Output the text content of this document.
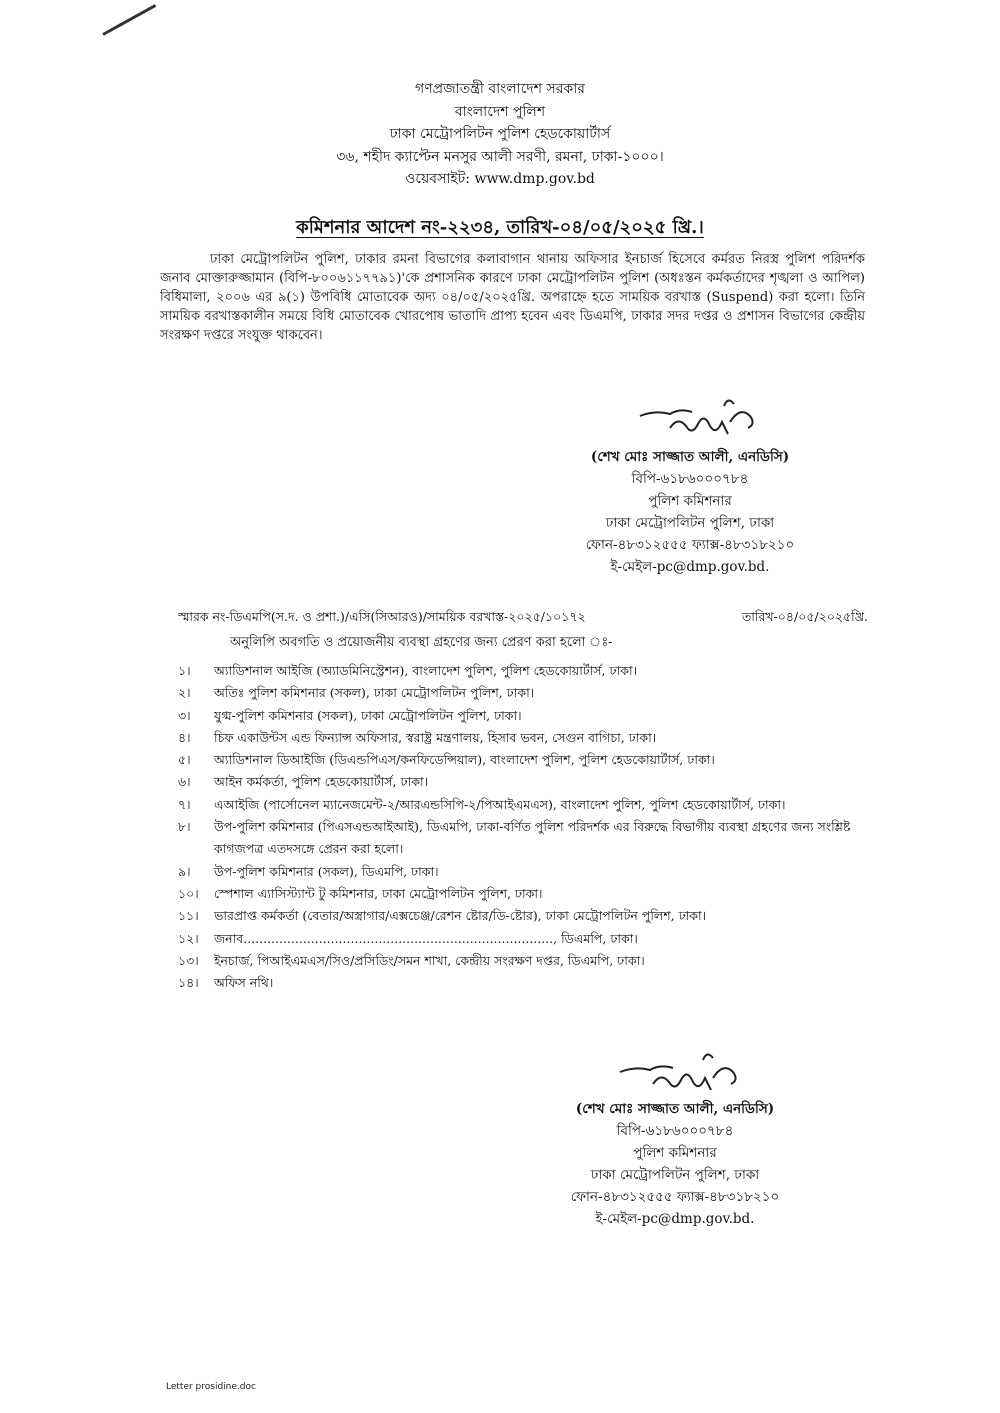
গণপ্রজাতন্ত্রী বাংলাদেশ সরকার
বাংলাদেশ পুলিশ
ঢাকা মেট্রোপলিটন পুলিশ হেডকোয়ার্টার্স
৩৬, শহীদ ক্যাপ্টেন মনসুর আলী সরণী, রমনা, ঢাকা-১০০০।
ওয়েবসাইট: www.dmp.gov.bd
কমিশনার আদেশ নং-২২৩৪, তারিখ-০৪/০৫/২০২৫ খ্রি.।
ঢাকা মেট্রোপলিটন পুলিশ, ঢাকার রমনা বিভাগের কলাবাগান থানায় অফিসার ইনচার্জ হিসেবে কর্মরত নিরস্ত্র পুলিশ পরিদর্শক জনাব মোক্তারুজ্জামান (বিপি-৮০০৬১১৭৭৯১)'কে প্রশাসনিক কারণে ঢাকা মেট্রোপলিটন পুলিশ (অধঃস্তন কর্মকর্তাদের শৃঙ্খলা ও আপিল) বিধিমালা, ২০০৬ এর ৯(১) উপবিধি মোতাবেক অদ্য ০৪/০৫/২০২৫খ্রি. অপরাহ্নে হতে সাময়িক বরখাস্ত (Suspend) করা হলো। তিনি সাময়িক বরখাস্তকালীন সময়ে বিধি মোতাবেক খোরপোষ ভাতাদি প্রাপ্য হবেন এবং ডিএমপি, ঢাকার সদর দপ্তর ও প্রশাসন বিভাগের কেন্দ্রীয় সংরক্ষণ দপ্তরে সংযুক্ত থাকবেন।
(শেখ মোঃ সাজ্জাত আলী, এনডিসি)
বিপি-৬১৮৬০০০৭৮৪
পুলিশ কমিশনার
ঢাকা মেট্রোপলিটন পুলিশ, ঢাকা
ফোন-৪৮৩১২৫৫৫ ফ্যাক্স-৪৮৩১৮২১০
ই-মেইল-pc@dmp.gov.bd.
স্মারক নং-ডিএমপি(স.দ. ও প্রশা.)/এসি(সিআরও)/সাময়িক বরখাস্ত-২০২৫/১০১৭২	তারিখ-০৪/০৫/২০২৫খ্রি.
অনুলিপি অবগতি ও প্রয়োজনীয় ব্যবস্থা গ্রহণের জন্য প্রেরণ করা হলো ঃ-
১।	অ্যাডিশনাল আইজি (অ্যাডমিনিস্ট্রেশন), বাংলাদেশ পুলিশ, পুলিশ হেডকোয়ার্টার্স, ঢাকা।
২।	অতিঃ পুলিশ কমিশনার (সকল), ঢাকা মেট্রোপলিটন পুলিশ, ঢাকা।
৩।	যুগ্ম-পুলিশ কমিশনার (সকল), ঢাকা মেট্রোপলিটন পুলিশ, ঢাকা।
৪।	চিফ একাউন্টস এন্ড ফিন্যান্স অফিসার, স্বরাষ্ট্র মন্ত্রণালয়, হিসাব ভবন, সেগুন বাগিচা, ঢাকা।
৫।	অ্যাডিশনাল ডিআইজি (ডিএন্ডপিএস/কনফিডেন্সিয়াল), বাংলাদেশ পুলিশ, পুলিশ হেডকোয়ার্টার্স, ঢাকা।
৬।	আইন কর্মকর্তা, পুলিশ হেডকোয়ার্টার্স, ঢাকা।
৭।	এআইজি (পার্সোনেল ম্যানেজমেন্ট-২/আরএন্ডসিপি-২/পিআইএমএস), বাংলাদেশ পুলিশ, পুলিশ হেডকোয়ার্টার্স, ঢাকা।
৮।	উপ-পুলিশ কমিশনার (পিএসএন্ডআইআই), ডিএমপি, ঢাকা-বর্ণিত পুলিশ পরিদর্শক এর বিরুদ্ধে বিভাগীয় ব্যবস্থা গ্রহণের জন্য সংশ্লিষ্ট কাগজপত্র এতদসঙ্গে প্রেরন করা হলো।
৯।	উপ-পুলিশ কমিশনার (সকল), ডিএমপি, ঢাকা।
১০।	স্পেশাল এ্যাসিস্ট্যান্ট টু কমিশনার, ঢাকা মেট্রোপলিটন পুলিশ, ঢাকা।
১১।	ভারপ্রাপ্ত কর্মকর্তা (বেতার/অস্ত্রাগার/এক্সচেঞ্জ/রেশন ষ্টোর/ডি-ষ্টোর), ঢাকা মেট্রোপলিটন পুলিশ, ঢাকা।
১২।	জনাব.............................................................................., ডিএমপি, ঢাকা।
১৩।	ইনচার্জ, পিআইএমএস/সিও/প্রসিডিং/সমন শাখা, কেন্দ্রীয় সংরক্ষণ দপ্তর, ডিএমপি, ঢাকা।
১৪।	অফিস নথি।
(শেখ মোঃ সাজ্জাত আলী, এনডিসি)
বিপি-৬১৮৬০০০৭৮৪
পুলিশ কমিশনার
ঢাকা মেট্রোপলিটন পুলিশ, ঢাকা
ফোন-৪৮৩১২৫৫৫ ফ্যাক্স-৪৮৩১৮২১০
ই-মেইল-pc@dmp.gov.bd.
Letter prosidine.doc
